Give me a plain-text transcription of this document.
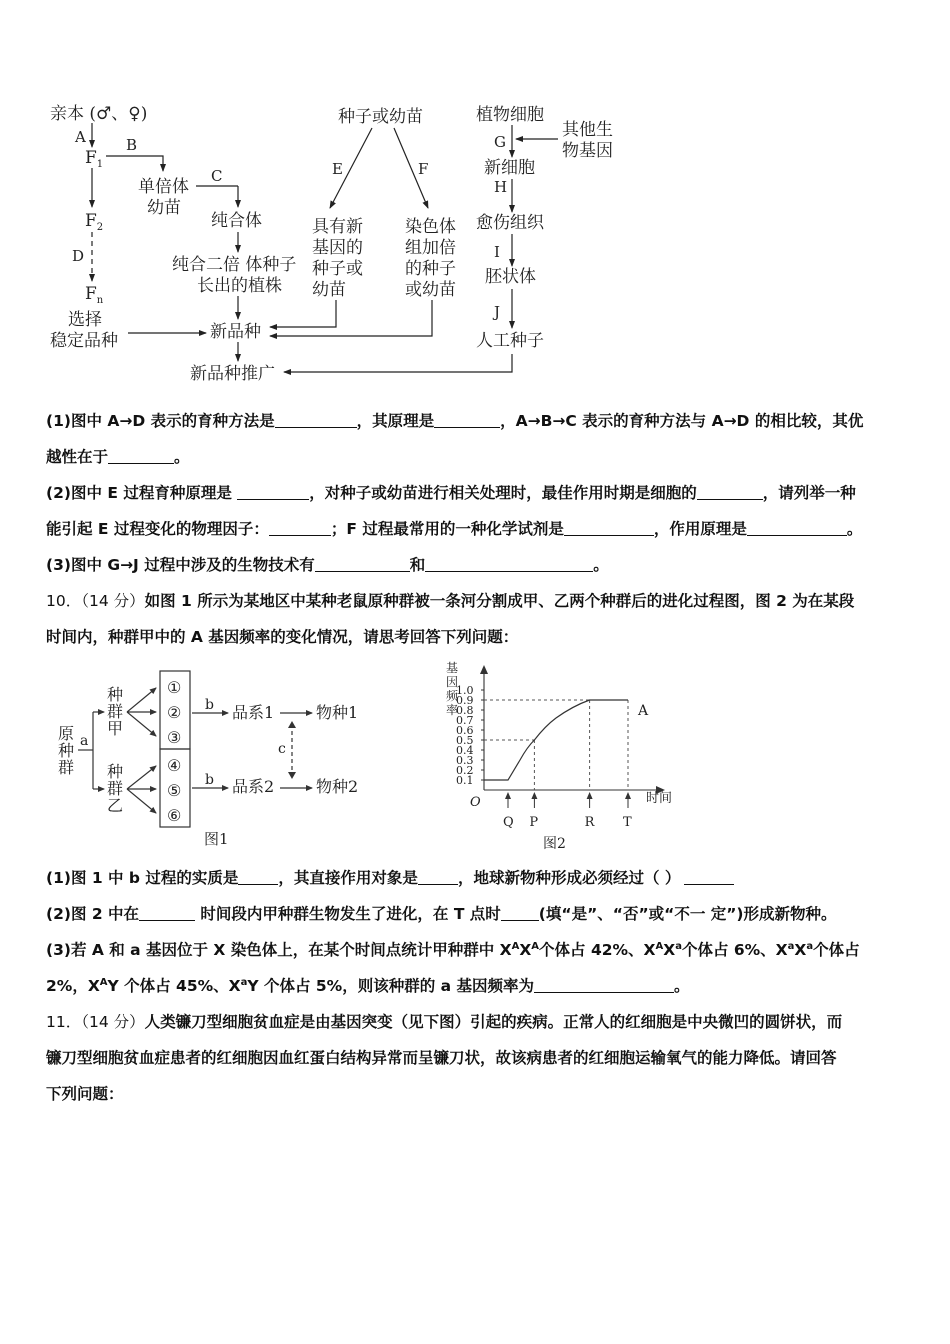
亲本 (♂、♀)
A
$F_1$
B
单倍体
幼苗
C
纯合体
纯合二倍 体种子
长出的植株
$F_2$
D
$F_n$
选择
稳定品种	新品种
新品种推广
种子或幼苗
E	F
具有新
基因的
种子或
幼苗
染色体
组加倍
的种子
或幼苗
植物细胞
G
其他生
物基因
新细胞
H
愈伤组织
I
胚状体
J
人工种子
(1)图中 A→D 表示的育种方法是	，其原理是	，A→B→C 表示的育种方法与 A→D 的相比较，其优
越性在于	。
(2)图中 E 过程育种原理是	，对种子或幼苗进行相关处理时，最佳作用时期是细胞的	，请列举一种
能引起 E 过程变化的物理因子：	；F 过程最常用的一种化学试剂是	，作用原理是	。
(3)图中 G→J 过程中涉及的生物技术有	和	。
10．（14 分）如图 1 所示为某地区中某种老鼠原种群被一条河分割成甲、乙两个种群后的进化过程图，图 2 为在某段
时间内，种群甲中的 A 基因频率的变化情况，请思考回答下列问题：
原
种
群
a
种
群
甲
种
群
乙
①
②
③
④
⑤
⑥
b
b
品系1
品系2
物种1
物种2
c
图1
基
因
频
率
0.1
0.2
0.3
0.4
0.5
0.6
0.7
0.8
0.9
1.0
Q P	R T
A
时间
O
图2
(1)图 1 中 b 过程的实质是	，其直接作用对象是	，地球新物种形成必须经过（ ）
(2)图 2 中在	时间段内甲种群生物发生了进化，在 T 点时 (填“是”、“否”或“不一 定”)形成新物种。
(3)若 A 和 a 基因位于 X 染色体上，在某个时间点统计甲种群中 $X^AX^A$个体占 42%、$X^AX^a$个体占 6%、$X^aX^a$个体占
2%，$X^AY$ 个体占 45%、$X^aY$ 个体占 5%，则该种群的 a 基因频率为	。
11．（14 分）人类镰刀型细胞贫血症是由基因突变（见下图）引起的疾病。正常人的红细胞是中央微凹的圆饼状，而
镰刀型细胞贫血症患者的红细胞因血红蛋白结构异常而呈镰刀状，故该病患者的红细胞运输氧气的能力降低。请回答
下列问题：
